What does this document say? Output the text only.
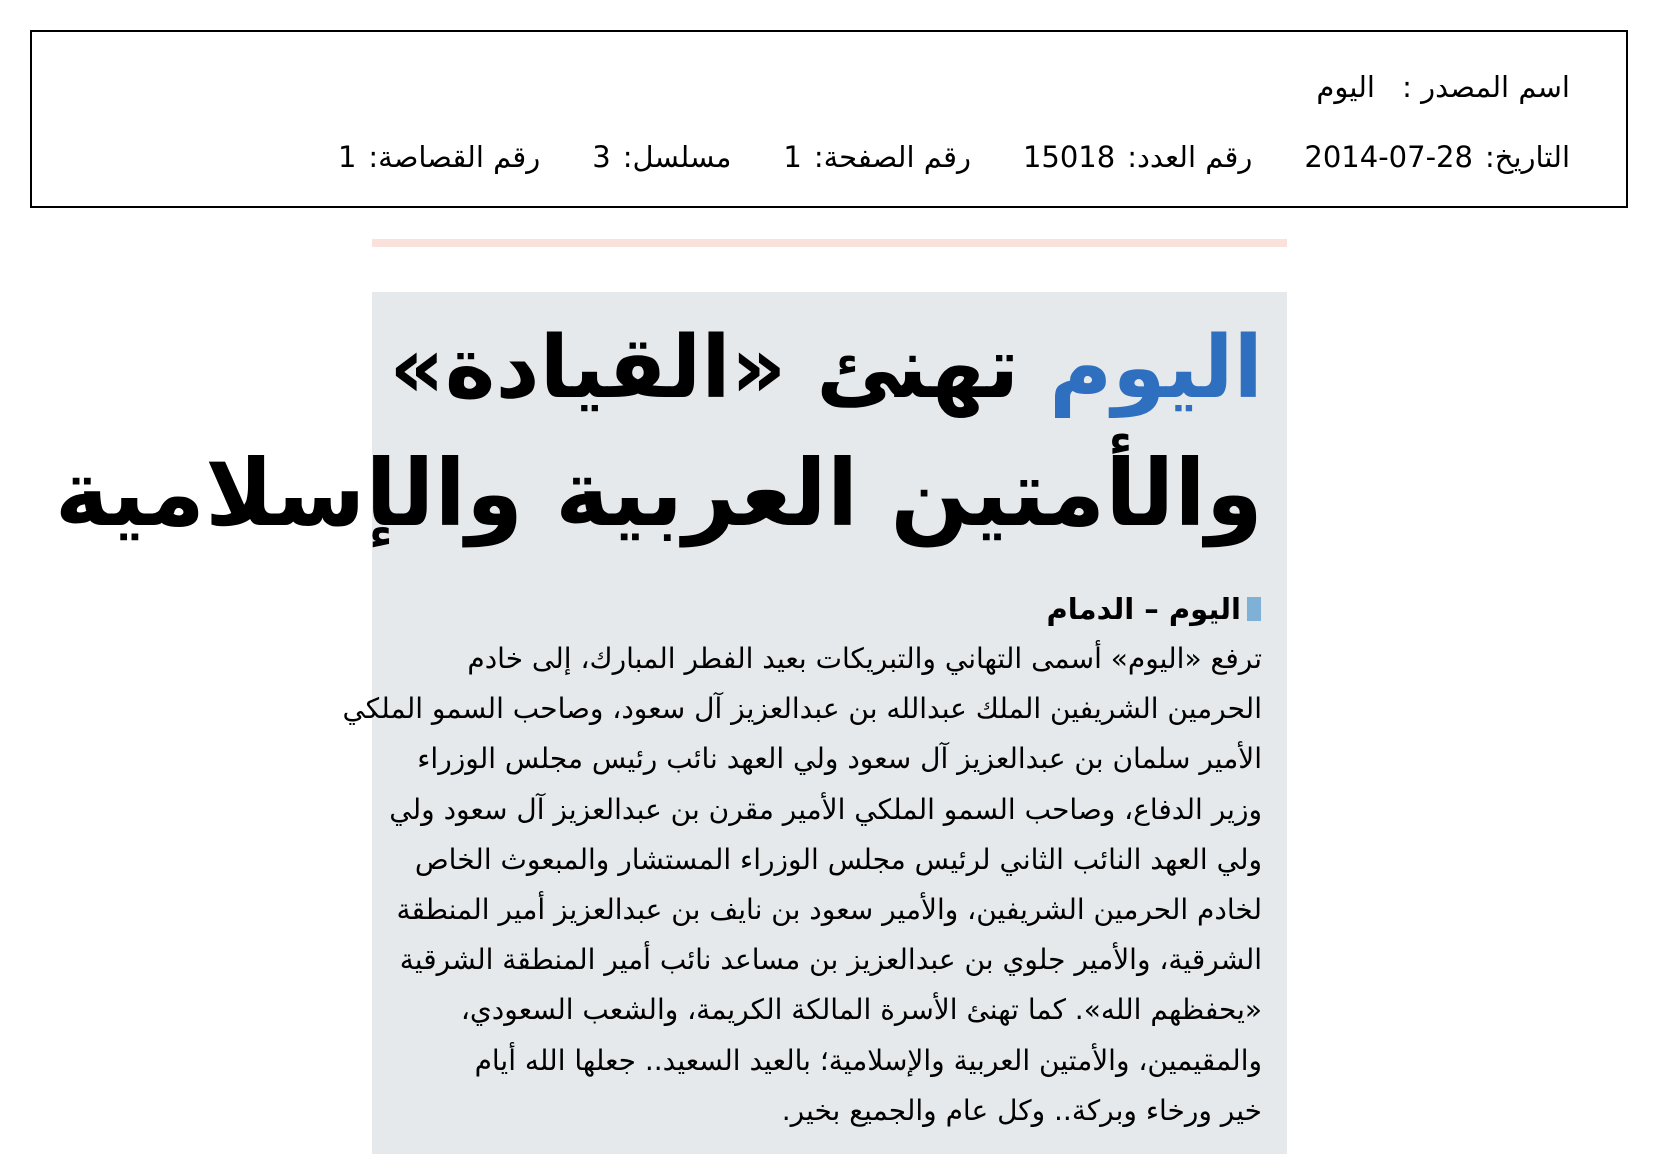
اسم المصدر :
اليوم
التاريخ:
2014-07-28
رقم العدد:
15018
رقم الصفحة:
1
مسلسل:
3
رقم القصاصة:
1
اليوم تهنئ «القيادة»
والأمتين العربية والإسلامية
اليوم – الدمام
ترفع «اليوم» أسمى التهاني والتبريكات بعيد الفطر المبارك، إلى خادم
الحرمين الشريفين الملك عبدالله بن عبدالعزيز آل سعود، وصاحب السمو الملكي
الأمير سلمان بن عبدالعزيز آل سعود ولي العهد نائب رئيس مجلس الوزراء
وزير الدفاع، وصاحب السمو الملكي الأمير مقرن بن عبدالعزيز آل سعود ولي
ولي العهد النائب الثاني لرئيس مجلس الوزراء المستشار والمبعوث الخاص
لخادم الحرمين الشريفين، والأمير سعود بن نايف بن عبدالعزيز أمير المنطقة
الشرقية، والأمير جلوي بن عبدالعزيز بن مساعد نائب أمير المنطقة الشرقية
«يحفظهم الله». كما تهنئ الأسرة المالكة الكريمة، والشعب السعودي،
والمقيمين، والأمتين العربية والإسلامية؛ بالعيد السعيد.. جعلها الله أيام
خير ورخاء وبركة.. وكل عام والجميع بخير.
